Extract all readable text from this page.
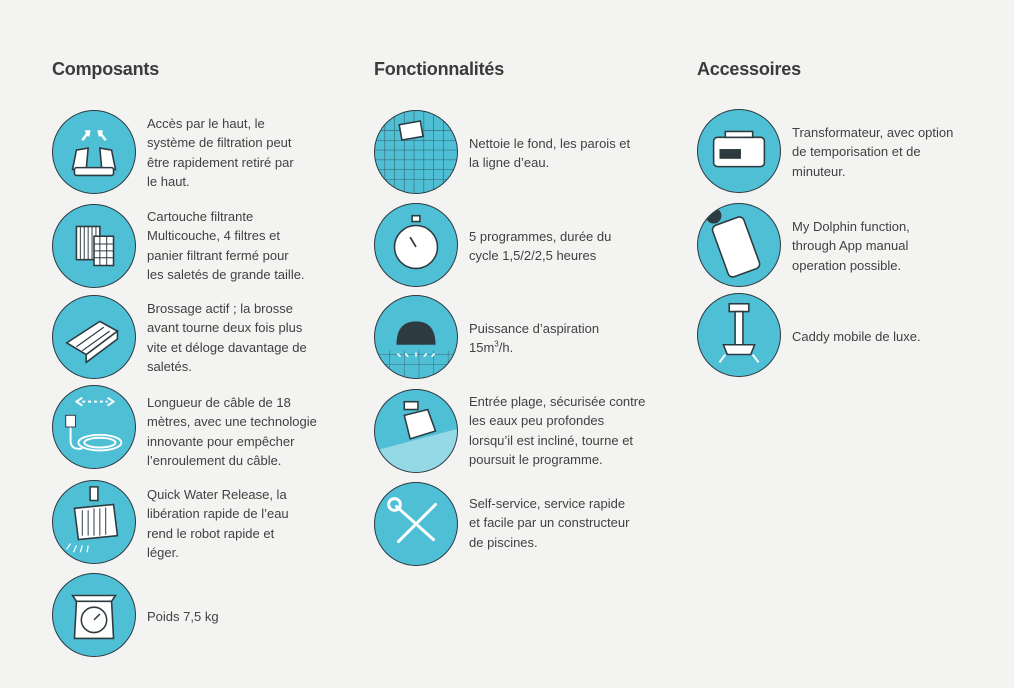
Composants
Accès par le haut, le
système de filtration peut
être rapidement retiré par
le haut.
Cartouche filtrante
Multicouche, 4 filtres et
panier filtrant fermé pour
les saletés de grande taille.
Brossage actif ; la brosse
avant tourne deux fois plus
vite et déloge davantage de
saletés.
Longueur de câble de 18
mètres, avec une technologie
innovante pour empêcher
l’enroulement du câble.
Quick Water Release, la
libération rapide de l’eau
rend le robot rapide et
léger.
Poids 7,5 kg
Fonctionnalités
Nettoie le fond, les parois et
la ligne d’eau.
5 programmes, durée du
cycle 1,5/2/2,5 heures
Puissance d’aspiration
$15m^3/h$.
Entrée plage, sécurisée contre
les eaux peu profondes
lorsqu’il est incliné, tourne et
poursuit le programme.
Self-service, service rapide
et facile par un constructeur
de piscines.
Accessoires
Transformateur, avec option
de temporisation et de
minuteur.
My Dolphin function,
through App manual
operation possible.
Caddy mobile de luxe.
